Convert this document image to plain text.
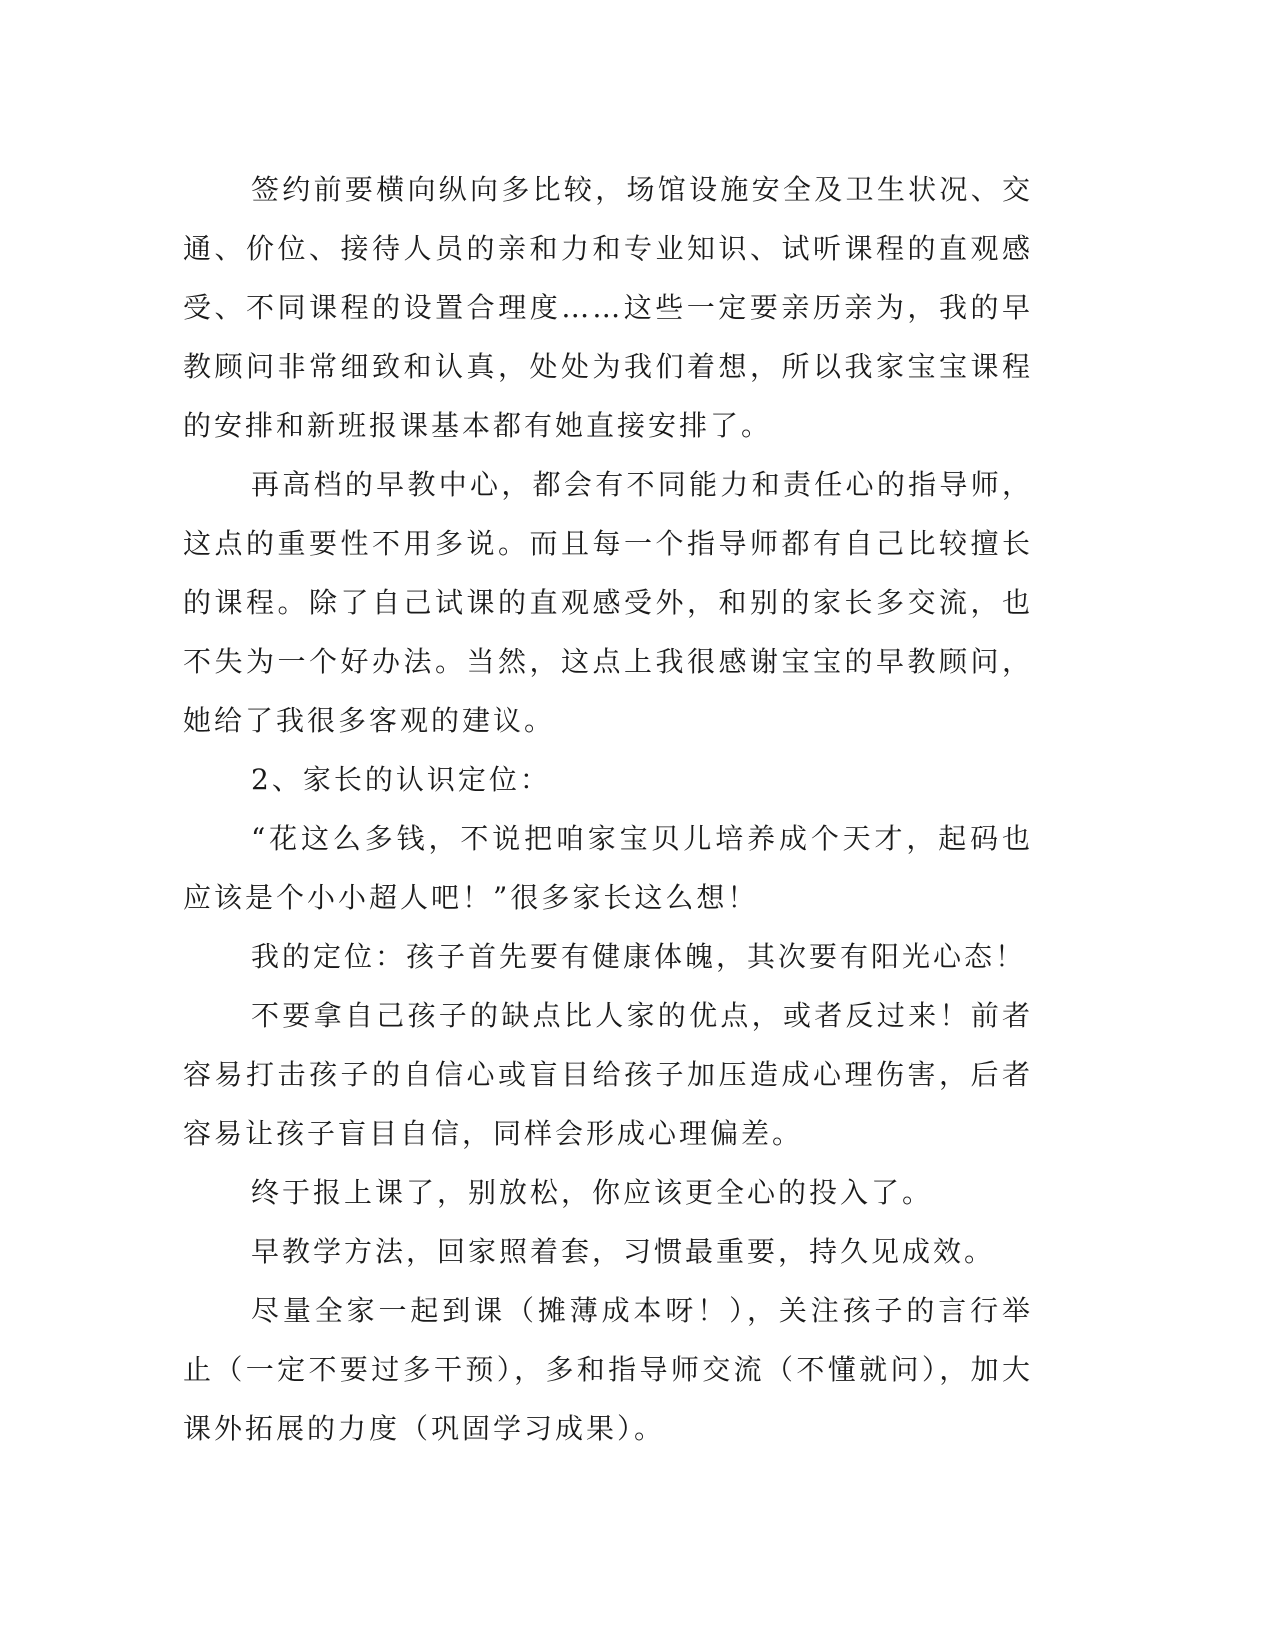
签约前要横向纵向多比较，场馆设施安全及卫生状况、交通、价位、接待人员的亲和力和专业知识、试听课程的直观感受、不同课程的设置合理度……这些一定要亲历亲为，我的早教顾问非常细致和认真，处处为我们着想，所以我家宝宝课程的安排和新班报课基本都有她直接安排了。

再高档的早教中心，都会有不同能力和责任心的指导师，这点的重要性不用多说。而且每一个指导师都有自己比较擅长的课程。除了自己试课的直观感受外，和别的家长多交流，也不失为一个好办法。当然，这点上我很感谢宝宝的早教顾问，她给了我很多客观的建议。

2、家长的认识定位：

“花这么多钱，不说把咱家宝贝儿培养成个天才，起码也应该是个小小超人吧！”很多家长这么想！

我的定位：孩子首先要有健康体魄，其次要有阳光心态！

不要拿自己孩子的缺点比人家的优点，或者反过来！前者容易打击孩子的自信心或盲目给孩子加压造成心理伤害，后者容易让孩子盲目自信，同样会形成心理偏差。

终于报上课了，别放松，你应该更全心的投入了。

早教学方法，回家照着套，习惯最重要，持久见成效。

尽量全家一起到课（摊薄成本呀！），关注孩子的言行举止（一定不要过多干预），多和指导师交流（不懂就问），加大课外拓展的力度（巩固学习成果）。
